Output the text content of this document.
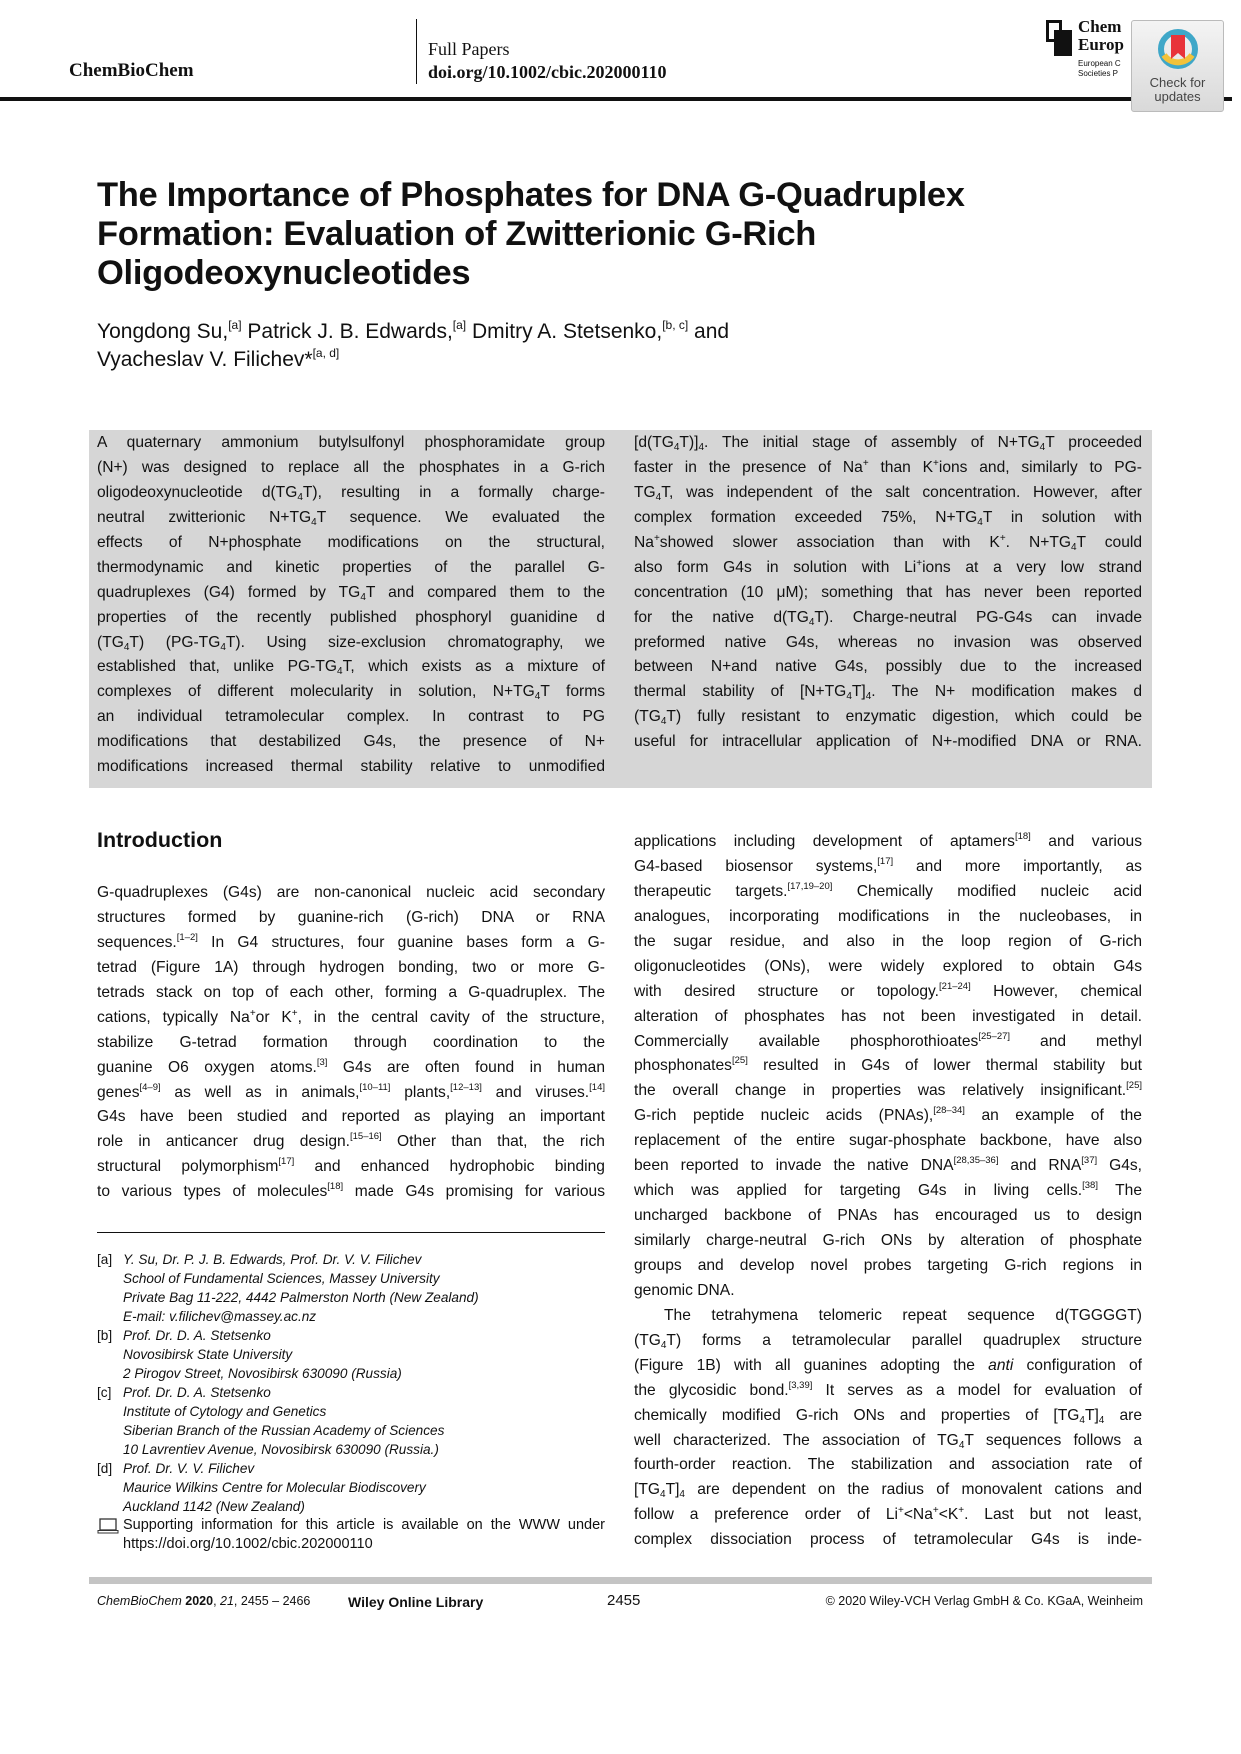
ChemBioChem
Full Papers
doi.org/10.1002/cbic.202000110
Chem
Europ
European C
Societies P
Check for
updates
The Importance of Phosphates for DNA G-Quadruplex
Formation: Evaluation of Zwitterionic G-Rich
Oligodeoxynucleotides
Yongdong Su,[a] Patrick J. B. Edwards,[a] Dmitry A. Stetsenko,[b, c] and
Vyacheslav V. Filichev*[a, d]
A quaternary ammonium butylsulfonyl phosphoramidate group
(N+) was designed to replace all the phosphates in a G-rich
oligodeoxynucleotide $d(TG_4T)$, resulting in a formally charge-
neutral zwitterionic $N+TG_4T$ sequence. We evaluated the
effects of N+phosphate modifications on the structural,
thermodynamic and kinetic properties of the parallel G-
quadruplexes (G4) formed by $TG_4T$ and compared them to the
properties of the recently published phosphoryl guanidine d
$(TG_4T)$ $(PG-TG_4T)$. Using size-exclusion chromatography, we
established that, unlike $PG-TG_4T$, which exists as a mixture of
complexes of different molecularity in solution, $N+TG_4T$ forms
an individual tetramolecular complex. In contrast to PG
modifications that destabilized G4s, the presence of N+
modifications increased thermal stability relative to unmodified
$[d(TG_4T)]_4$. The initial stage of assembly of $N+TG_4T$ proceeded
faster in the presence of Na+ than K+ions and, similarly to PG-
$TG_4T$, was independent of the salt concentration. However, after
complex formation exceeded 75%, $N+TG_4T$ in solution with
Na+showed slower association than with K+. $N+TG_4T$ could
also form G4s in solution with Li+ions at a very low strand
concentration (10 μM); something that has never been reported
for the native $d(TG_4T)$. Charge-neutral PG-G4s can invade
preformed native G4s, whereas no invasion was observed
between N+and native G4s, possibly due to the increased
thermal stability of $[N+TG_4T]_4$. The N+ modification makes d
$(TG_4T)$ fully resistant to enzymatic digestion, which could be
useful for intracellular application of N+-modified DNA or RNA.
Introduction
G-quadruplexes (G4s) are non-canonical nucleic acid secondary
structures formed by guanine-rich (G-rich) DNA or RNA
sequences.[1–2] In G4 structures, four guanine bases form a G-
tetrad (Figure 1A) through hydrogen bonding, two or more G-
tetrads stack on top of each other, forming a G-quadruplex. The
cations, typically Na+or K+, in the central cavity of the structure,
stabilize G-tetrad formation through coordination to the
guanine O6 oxygen atoms.[3] G4s are often found in human
genes[4–9] as well as in animals,[10–11] plants,[12–13] and viruses.[14]
G4s have been studied and reported as playing an important
role in anticancer drug design.[15–16] Other than that, the rich
structural polymorphism[17] and enhanced hydrophobic binding
to various types of molecules[18] made G4s promising for various
applications including development of aptamers[18] and various
G4-based biosensor systems,[17] and more importantly, as
therapeutic targets.[17,19–20] Chemically modified nucleic acid
analogues, incorporating modifications in the nucleobases, in
the sugar residue, and also in the loop region of G-rich
oligonucleotides (ONs), were widely explored to obtain G4s
with desired structure or topology.[21–24] However, chemical
alteration of phosphates has not been investigated in detail.
Commercially available phosphorothioates[25–27] and methyl
phosphonates[25] resulted in G4s of lower thermal stability but
the overall change in properties was relatively insignificant.[25]
G-rich peptide nucleic acids (PNAs),[28–34] an example of the
replacement of the entire sugar-phosphate backbone, have also
been reported to invade the native DNA[28,35–36] and RNA[37] G4s,
which was applied for targeting G4s in living cells.[38] The
uncharged backbone of PNAs has encouraged us to design
similarly charge-neutral G-rich ONs by alteration of phosphate
groups and develop novel probes targeting G-rich regions in
genomic DNA.
The tetrahymena telomeric repeat sequence d(TGGGGT)
$(TG_4T)$ forms a tetramolecular parallel quadruplex structure
(Figure 1B) with all guanines adopting the anti configuration of
the glycosidic bond.[3,39] It serves as a model for evaluation of
chemically modified G-rich ONs and properties of $[TG_4T]_4$ are
well characterized. The association of $TG_4T$ sequences follows a
fourth-order reaction. The stabilization and association rate of
$[TG_4T]_4$ are dependent on the radius of monovalent cations and
follow a preference order of Li+<Na+<K+. Last but not least,
complex dissociation process of tetramolecular G4s is inde-
[a] Y. Su, Dr. P. J. B. Edwards, Prof. Dr. V. V. Filichev
School of Fundamental Sciences, Massey University
Private Bag 11-222, 4442 Palmerston North (New Zealand)
E-mail: v.filichev@massey.ac.nz
[b] Prof. Dr. D. A. Stetsenko
Novosibirsk State University
2 Pirogov Street, Novosibirsk 630090 (Russia)
[c] Prof. Dr. D. A. Stetsenko
Institute of Cytology and Genetics
Siberian Branch of the Russian Academy of Sciences
10 Lavrentiev Avenue, Novosibirsk 630090 (Russia.)
[d] Prof. Dr. V. V. Filichev
Maurice Wilkins Centre for Molecular Biodiscovery
Auckland 1142 (New Zealand)
Supporting information for this article is available on the WWW under
https://doi.org/10.1002/cbic.202000110
ChemBioChem 2020, 21, 2455 – 2466	Wiley Online Library	2455	© 2020 Wiley-VCH Verlag GmbH & Co. KGaA, Weinheim
